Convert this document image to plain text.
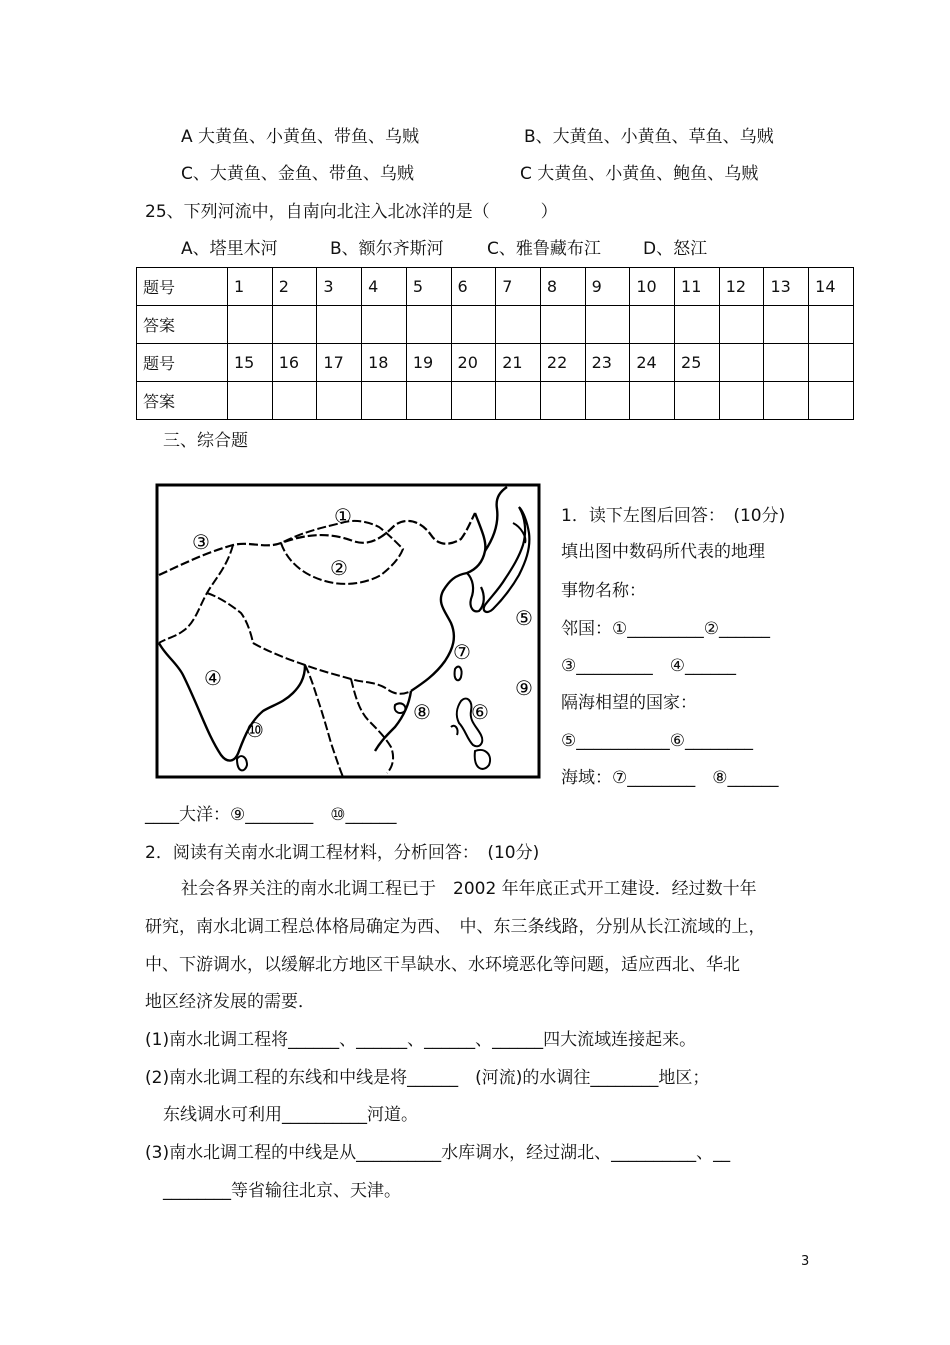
A 大黄鱼、小黄鱼、带鱼、乌贼	B、大黄鱼、小黄鱼、草鱼、乌贼
C、大黄鱼、金鱼、带鱼、乌贼	C 大黄鱼、小黄鱼、鲍鱼、乌贼
25、下列河流中，自南向北注入北冰洋的是（　　　）
A、塔里木河	B、额尔齐斯河	C、雅鲁藏布江 D、怒江
题号	1	2	3	4	5	6	7	8	9	10	11	12	13	14
答案														
题号	15	16	17	18	19	20	21	22	23	24	25			
答案														
三、综合题
①
②
③
④
⑤
⑥
⑦
⑧
⑨
⑩
1．读下左图后回答：　(10分)
填出图中数码所代表的地理
事物名称：
邻国：①_________②______
③_________　④______
隔海相望的国家：
⑤___________⑥________
海域：⑦________　⑧______
____大洋：⑨________　⑩______
2．阅读有关南水北调工程材料，分析回答：　(10分)
社会各界关注的南水北调工程已于　2002 年年底正式开工建设．经过数十年
研究，南水北调工程总体格局确定为西、　中、东三条线路，分别从长江流域的上，
中、下游调水，以缓解北方地区干旱缺水、水环境恶化等问题，适应西北、华北
地区经济发展的需要．
(1)南水北调工程将______、______、______、______四大流域连接起来。
(2)南水北调工程的东线和中线是将______　(河流)的水调往________地区；
东线调水可利用__________河道。
(3)南水北调工程的中线是从__________水库调水，经过湖北、__________、__
________等省输往北京、天津。
3
